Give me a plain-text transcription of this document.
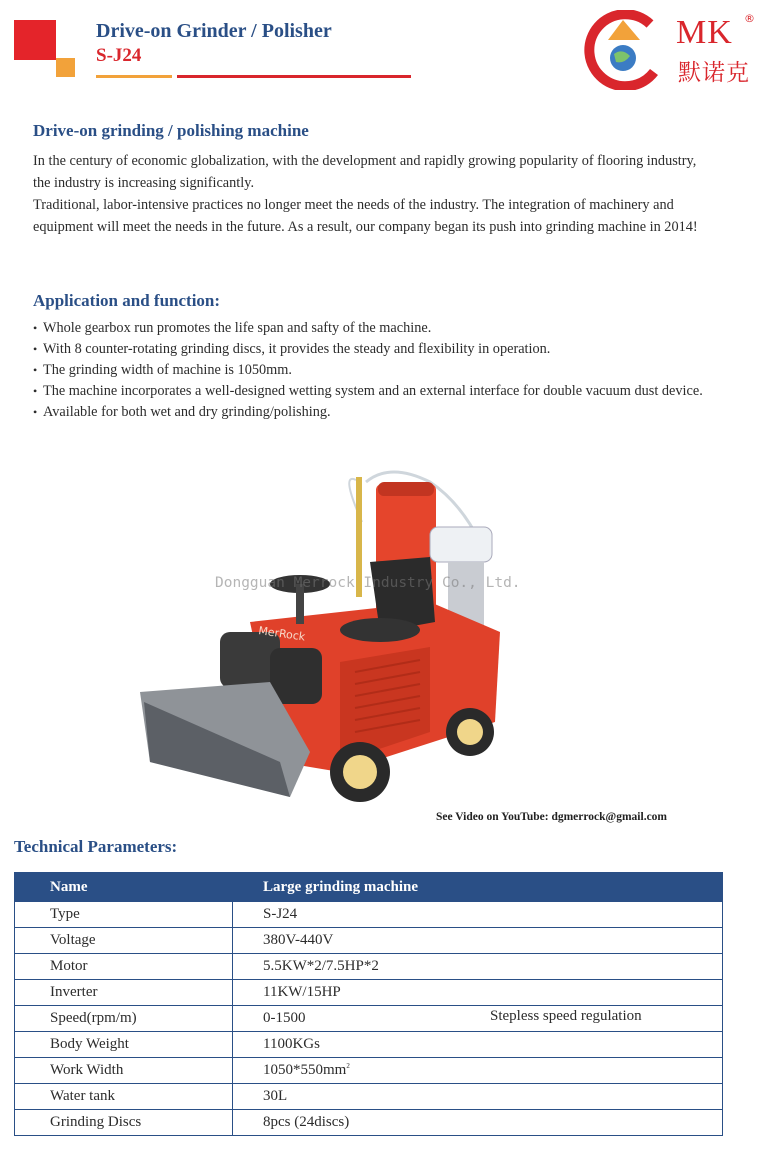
Drive-on Grinder / Polisher
S-J24
MK ®
默诺克
Drive-on grinding / polishing machine

In the century of economic globalization, with the development and rapidly growing popularity of flooring industry, the industry is increasing significantly.

Traditional, labor-intensive practices no longer meet the needs of the industry. The integration of machinery and equipment will meet the needs in the future. As a result, our company began its push into grinding machine in 2014!

Application and function:
• Whole gearbox run promotes the life span and safty of the machine.
• With 8 counter-rotating grinding discs, it provides the steady and flexibility in operation.
• The grinding width of machine is 1050mm.
• The machine incorporates a well-designed wetting system and an external interface for double vacuum dust device.
• Available for both wet and dry grinding/polishing.
MerRock
Dongguan Merrock Industry Co., Ltd.
See Video on YouTube: dgmerrock@gmail.com
Technical Parameters:
Name	Large grinding machine
Type	S-J24
Voltage	380V-440V
Motor	5.5KW*2/7.5HP*2
Inverter	11KW/15HP
Speed(rpm/m)	0-1500 Stepless speed regulation

Body Weight	1100KGs
Work Width	$1050*550mm^2$
Water tank	30L
Grinding Discs	8pcs (24discs)
